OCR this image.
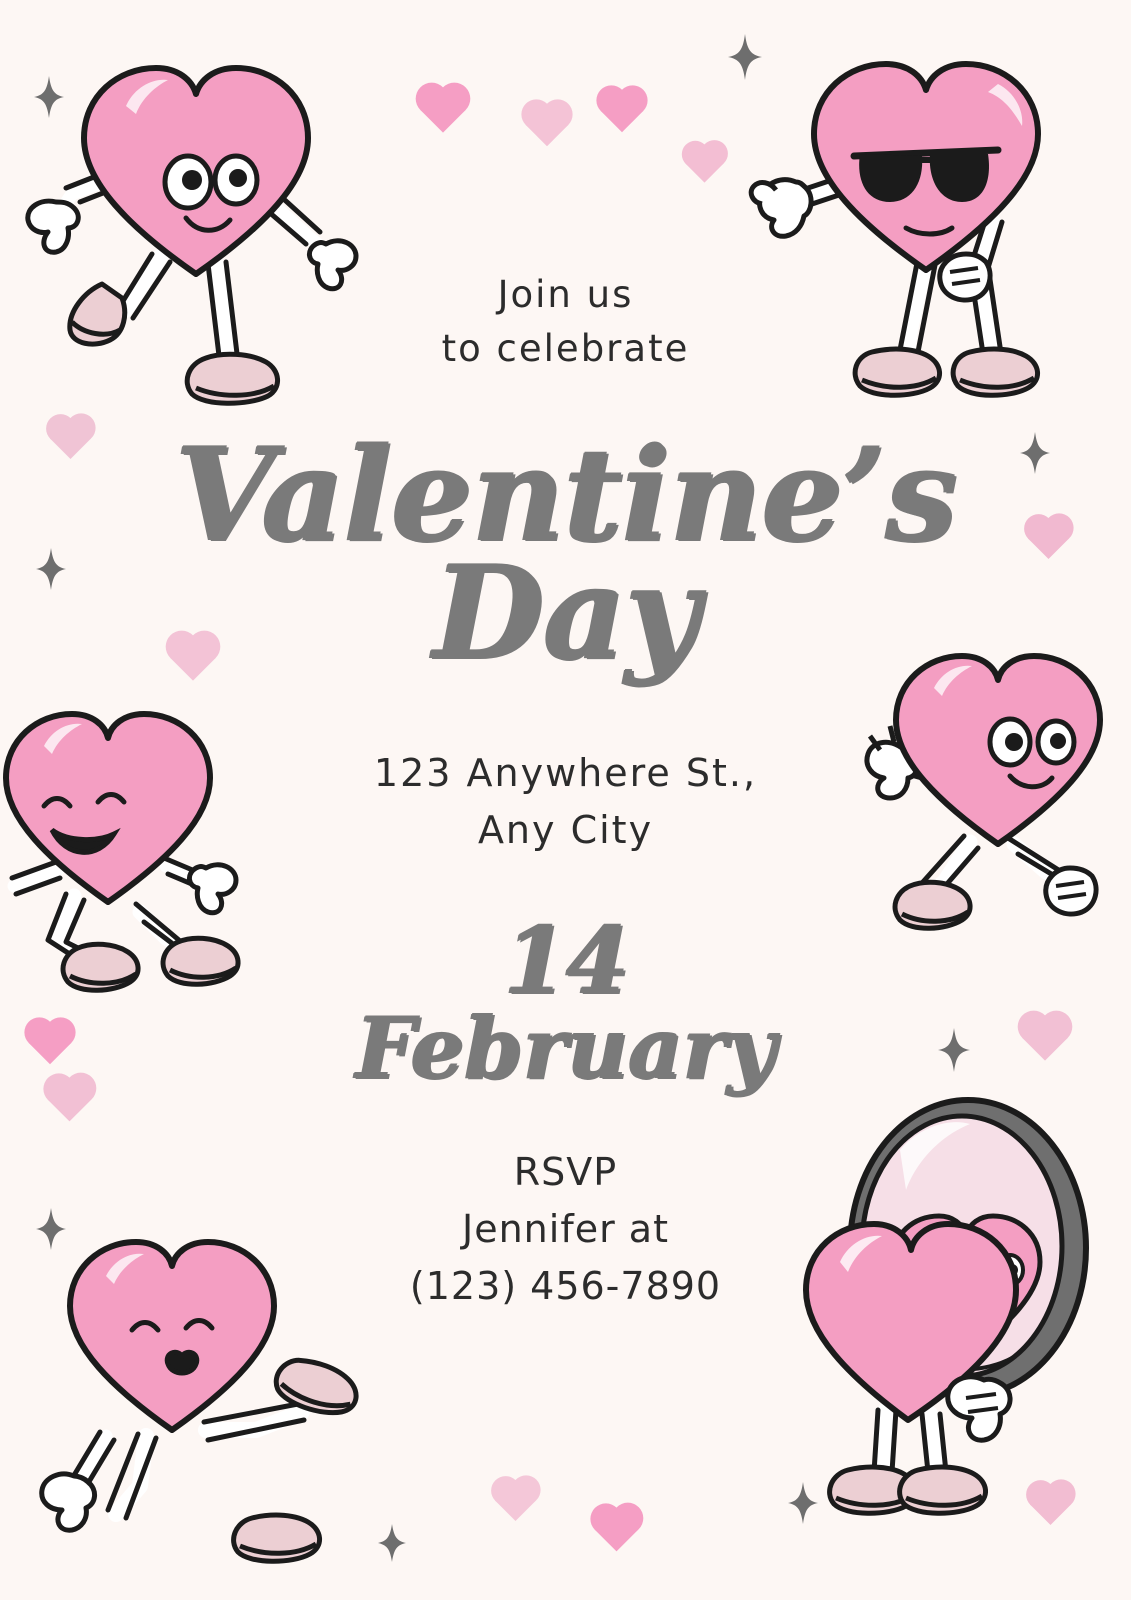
Join us
to celebrate
Valentine’s
Day
123 Anywhere St.,
Any City
14
February
RSVP
Jennifer at
(123) 456-7890
